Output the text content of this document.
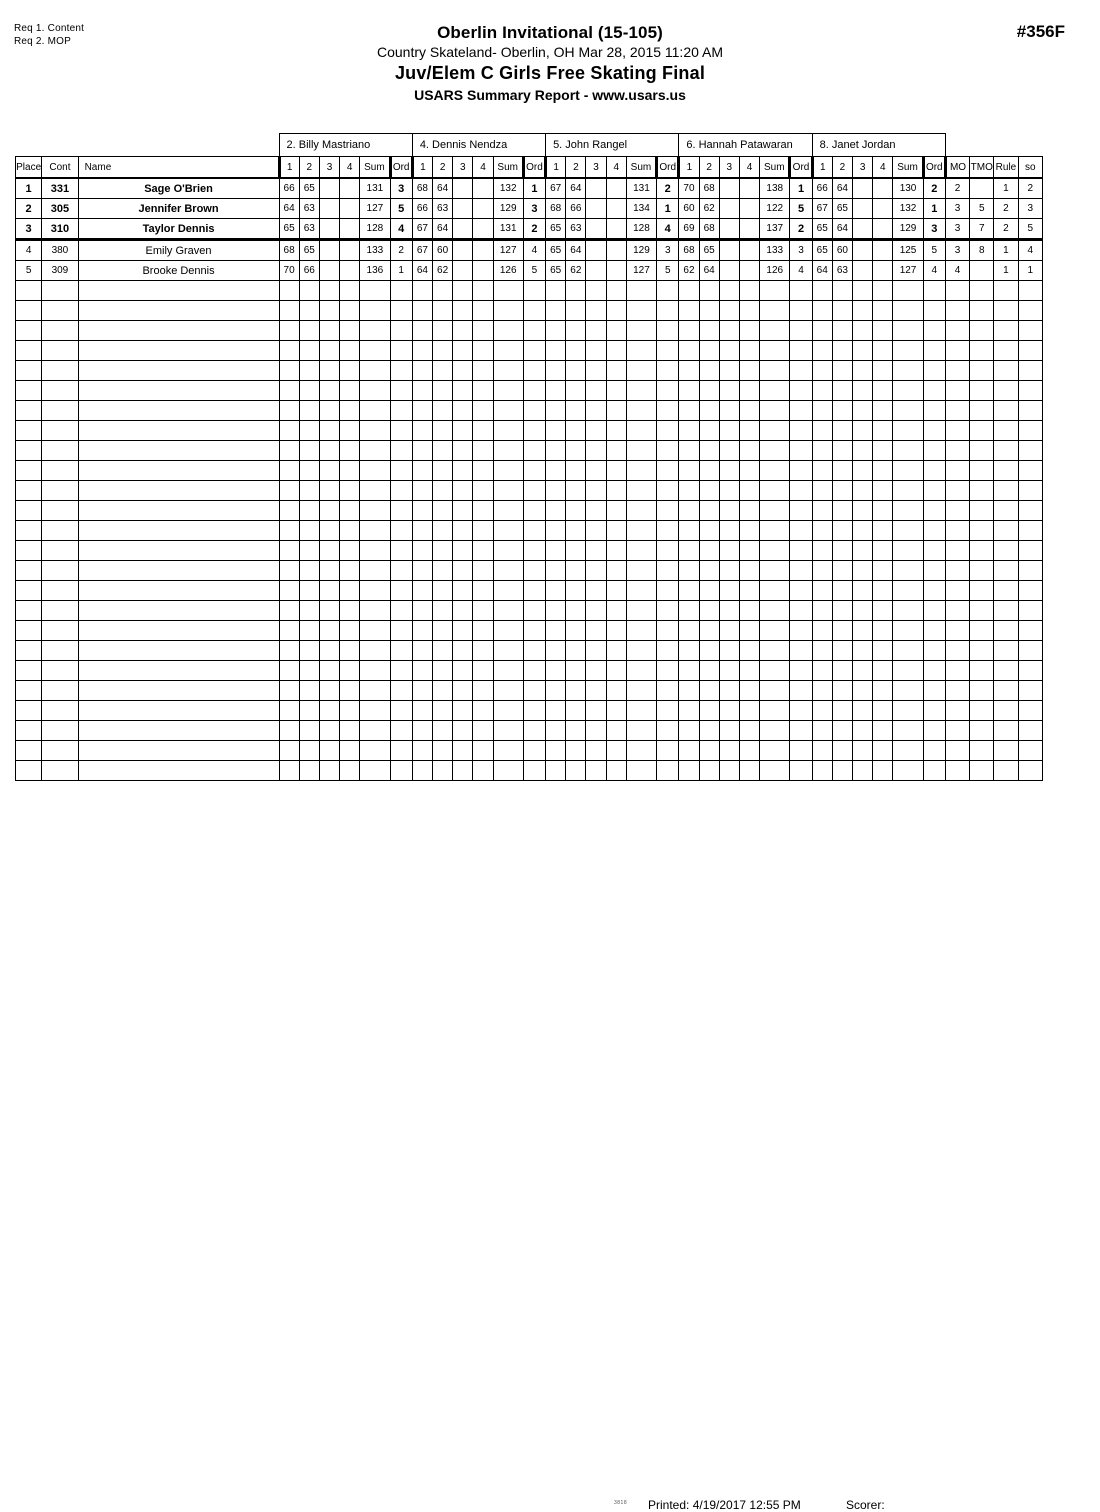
Req 1. Content
Req 2. MOP	Oberlin Invitational (15-105)
Country Skateland- Oberlin, OH Mar 28, 2015 11:20 AM
Juv/Elem C Girls Free Skating Final
USARS Summary Report - www.usars.us
#356F
			2. Billy Mastriano						4. Dennis Nendza						5. John Rangel						6. Hannah Patawaran						8. Janet Jordan									
Place	Cont	Name	1	2	3	4	Sum	Ord	1	2	3	4	Sum	Ord	1	2	3	4	Sum	Ord	1	2	3	4	Sum	Ord	1	2	3	4	Sum	Ord	MO	TMO	Rule	so
1	331	Sage O'Brien	66	65			131	3	68	64			132	1	67	64			131	2	70	68			138	1	66	64			130	2	2		1	2
2	305	Jennifer Brown	64	63			127	5	66	63			129	3	68	66			134	1	60	62			122	5	67	65			132	1	3	5	2	3
3	310	Taylor Dennis	65	63			128	4	67	64			131	2	65	63			128	4	69	68			137	2	65	64			129	3	3	7	2	5
4	380	Emily Graven	68	65			133	2	67	60			127	4	65	64			129	3	68	65			133	3	65	60			125	5	3	8	1	4
5	309	Brooke Dennis	70	66			136	1	64	62			126	5	65	62			127	5	62	64			126	4	64	63			127	4	4		1	1

3818 Printed: 4/19/2017 12:55 PM	Scorer:
